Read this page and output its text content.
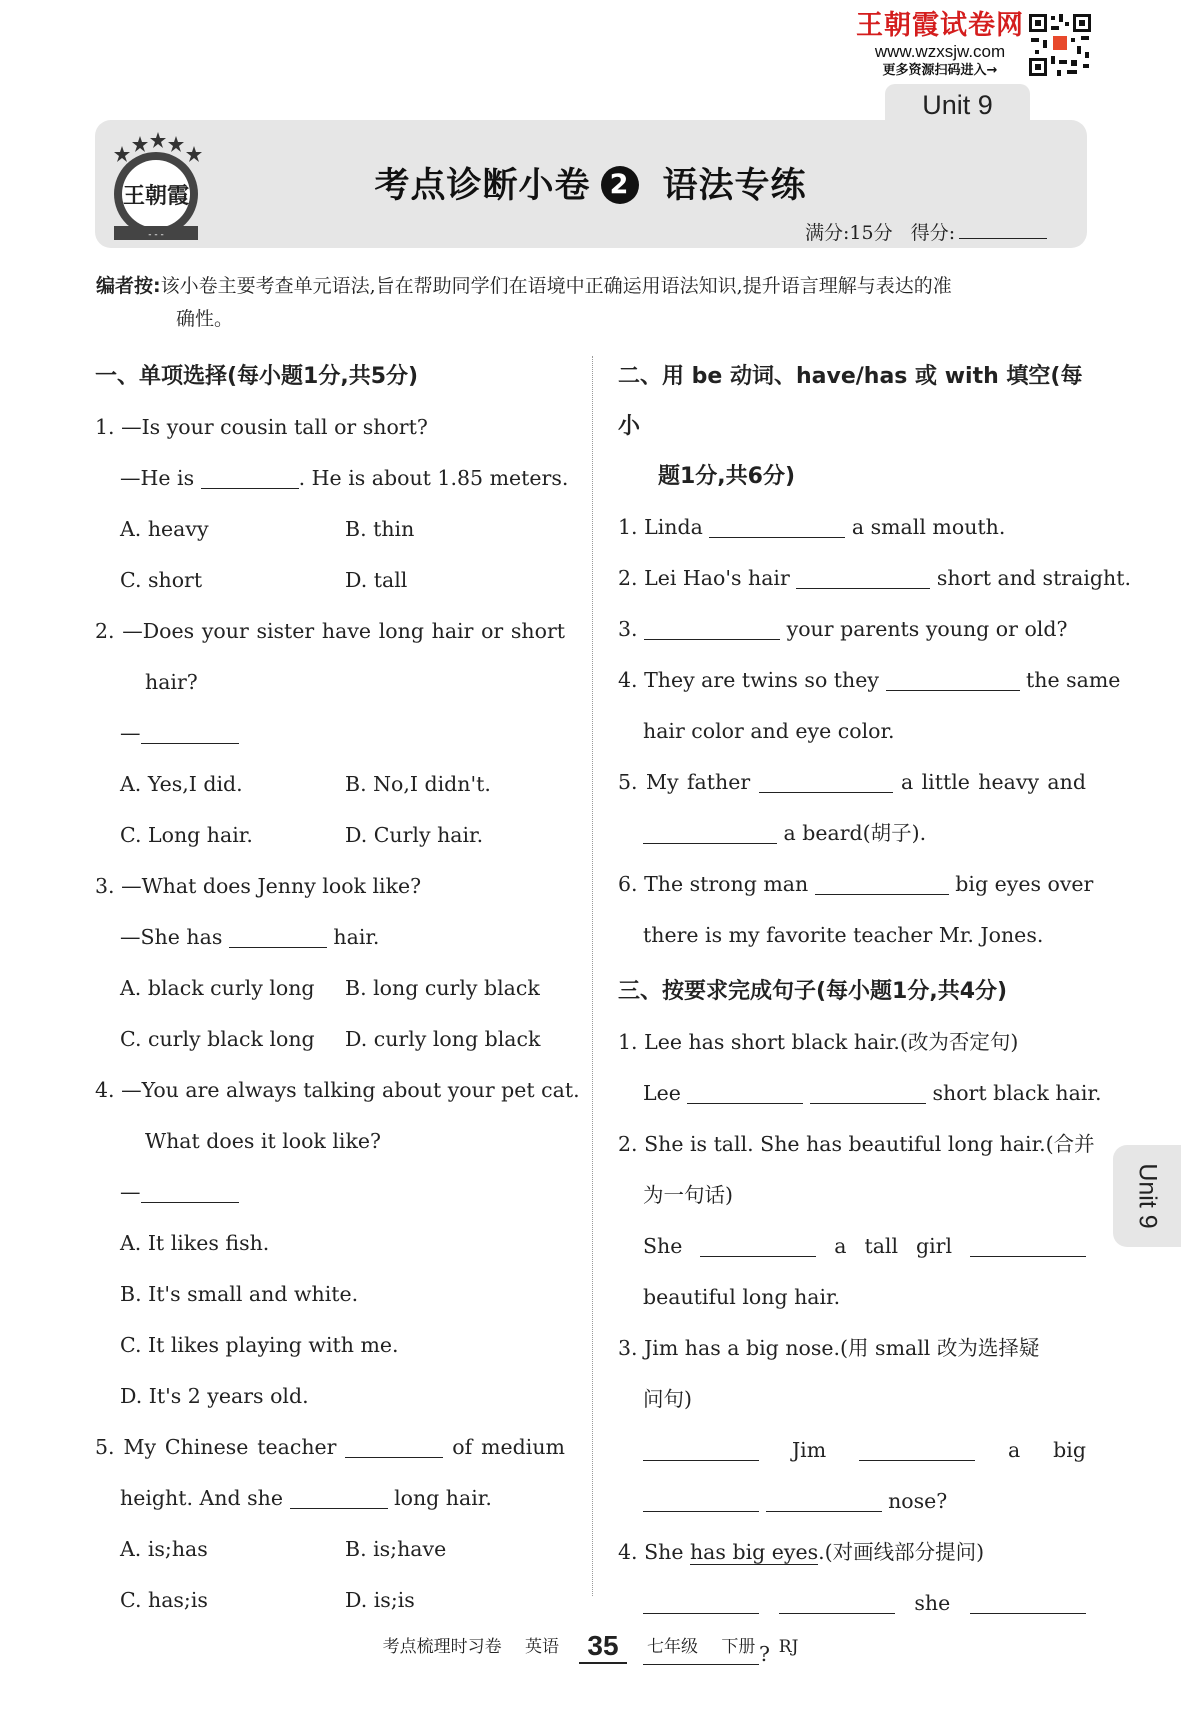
王朝霞试卷网
www.wzxsjw.com
更多资源扫码进入→
Unit 9
王朝霞
- - -
考点诊断小卷 2 语法专练
满分:15分 得分:
编者按:该小卷主要考查单元语法,旨在帮助同学们在语境中正确运用语法知识,提升语言理解与表达的准
确性。
一、单项选择(每小题1分,共5分)
1. —Is your cousin tall or short?
—He is	. He is about 1.85 meters.
A. heavy	B. thin
C. short	D. tall
2. —Does your sister have long hair or short
hair?
—
A. Yes,I did.	B. No,I didn't.
C. Long hair.	D. Curly hair.
3. —What does Jenny look like?
—She has	hair.
A. black curly long B. long curly black
C. curly black long D. curly long black
4. —You are always talking about your pet cat.
What does it look like?
—
A. It likes fish.
B. It's small and white.
C. It likes playing with me.
D. It's 2 years old.
5. My Chinese teacher	of medium
height. And she	long hair.
A. is;has	B. is;have
C. has;is	D. is;is
二、用 be 动词、have/has 或 with 填空(每小
题1分,共6分)
1. Linda	a small mouth.
2. Lei Hao's hair	short and straight.
3.	your parents young or old?
4. They are twins so they	the same
hair color and eye color.
5. My father	a little heavy and
a beard(胡子).
6. The strong man	big eyes over
there is my favorite teacher Mr. Jones.
三、按要求完成句子(每小题1分,共4分)
1. Lee has short black hair.(改为否定句)
Lee	short black hair.
2. She is tall. She has beautiful long hair.(合并
为一句话)
She	a tall girl
beautiful long hair.
3. Jim has a big nose.(用 small 改为选择疑
问句)
Jim	a big
nose?
4. She has big eyes.(对画线部分提问)
she
?
Unit 9
考点梳理时习卷 英语 35 七年级 下册 RJ
